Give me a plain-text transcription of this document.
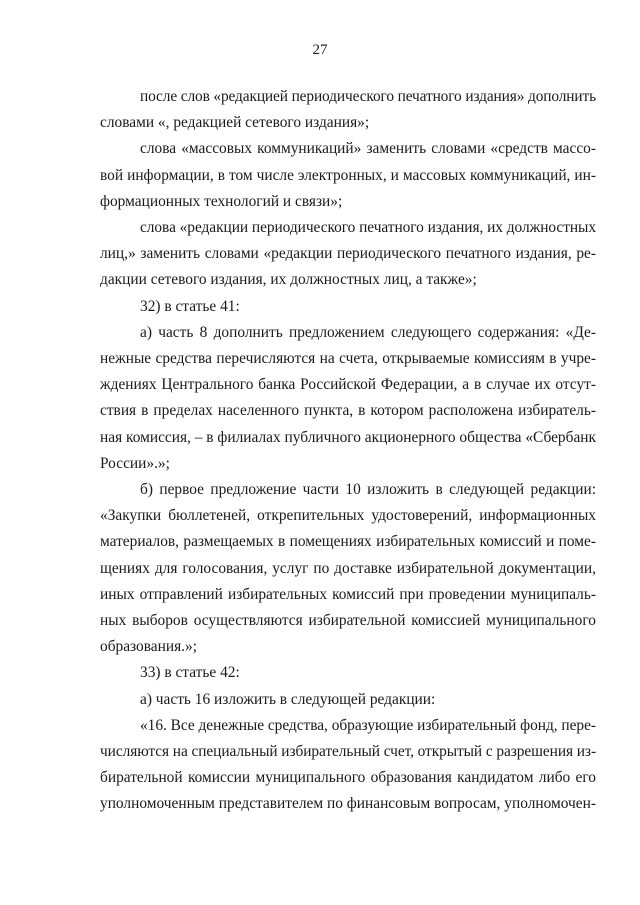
27
после слов «редакцией периодического печатного издания» дополнить
словами «, редакцией сетевого издания»;
слова «массовых коммуникаций» заменить словами «средств массо-
вой информации, в том числе электронных, и массовых коммуникаций, ин-
формационных технологий и связи»;
слова «редакции периодического печатного издания, их должностных
лиц,» заменить словами «редакции периодического печатного издания, ре-
дакции сетевого издания, их должностных лиц, а также»;
32) в статье 41:
а) часть 8 дополнить предложением следующего содержания: «Де-
нежные средства перечисляются на счета, открываемые комиссиям в учре-
ждениях Центрального банка Российской Федерации, а в случае их отсут-
ствия в пределах населенного пункта, в котором расположена избиратель-
ная комиссия, – в филиалах публичного акционерного общества «Сбербанк
России».»;
б) первое предложение части 10 изложить в следующей редакции:
«Закупки бюллетеней, открепительных удостоверений, информационных
материалов, размещаемых в помещениях избирательных комиссий и поме-
щениях для голосования, услуг по доставке избирательной документации,
иных отправлений избирательных комиссий при проведении муниципаль-
ных выборов осуществляются избирательной комиссией муниципального
образования.»;
33) в статье 42:
а) часть 16 изложить в следующей редакции:
«16. Все денежные средства, образующие избирательный фонд, пере-
числяются на специальный избирательный счет, открытый с разрешения из-
бирательной комиссии муниципального образования кандидатом либо его
уполномоченным представителем по финансовым вопросам, уполномочен-
